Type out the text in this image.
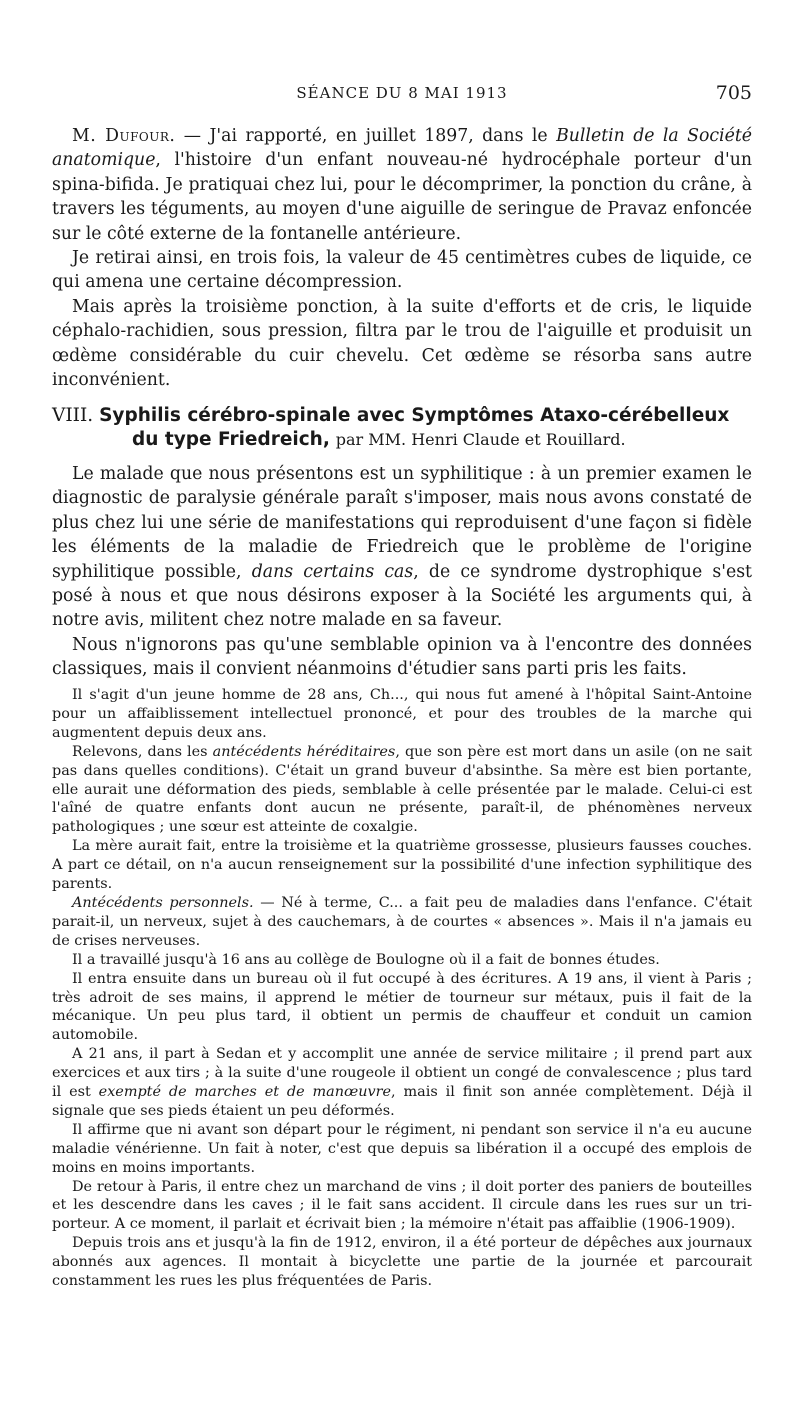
SÉANCE DU 8 MAI 1913	705

M. Dufour. — J'ai rapporté, en juillet 1897, dans le Bulletin de la Société anatomique, l'histoire d'un enfant nouveau-né hydrocéphale porteur d'un spina-bifida. Je pratiquai chez lui, pour le décomprimer, la ponction du crâne, à travers les téguments, au moyen d'une aiguille de seringue de Pravaz enfoncée sur le côté externe de la fontanelle antérieure.

Je retirai ainsi, en trois fois, la valeur de 45 centimètres cubes de liquide, ce qui amena une certaine décompression.

Mais après la troisième ponction, à la suite d'efforts et de cris, le liquide céphalo-rachidien, sous pression, filtra par le trou de l'aiguille et produisit un œdème considérable du cuir chevelu. Cet œdème se résorba sans autre inconvénient.

VIII. Syphilis cérébro-spinale avec Symptômes Ataxo-cérébelleux
du type Friedreich, par MM. Henri Claude et Rouillard.

Le malade que nous présentons est un syphilitique : à un premier examen le diagnostic de paralysie générale paraît s'imposer, mais nous avons constaté de plus chez lui une série de manifestations qui reproduisent d'une façon si fidèle les éléments de la maladie de Friedreich que le problème de l'origine syphilitique possible, dans certains cas, de ce syndrome dystrophique s'est posé à nous et que nous désirons exposer à la Société les arguments qui, à notre avis, militent chez notre malade en sa faveur.

Nous n'ignorons pas qu'une semblable opinion va à l'encontre des données classiques, mais il convient néanmoins d'étudier sans parti pris les faits.

Il s'agit d'un jeune homme de 28 ans, Ch..., qui nous fut amené à l'hôpital Saint-Antoine pour un affaiblissement intellectuel prononcé, et pour des troubles de la marche qui augmentent depuis deux ans.

Relevons, dans les antécédents héréditaires, que son père est mort dans un asile (on ne sait pas dans quelles conditions). C'était un grand buveur d'absinthe. Sa mère est bien portante, elle aurait une déformation des pieds, semblable à celle présentée par le malade. Celui-ci est l'aîné de quatre enfants dont aucun ne présente, paraît-il, de phénomènes nerveux pathologiques ; une sœur est atteinte de coxalgie.

La mère aurait fait, entre la troisième et la quatrième grossesse, plusieurs fausses couches. A part ce détail, on n'a aucun renseignement sur la possibilité d'une infection syphilitique des parents.

Antécédents personnels. — Né à terme, C... a fait peu de maladies dans l'enfance. C'était parait-il, un nerveux, sujet à des cauchemars, à de courtes « absences ». Mais il n'a jamais eu de crises nerveuses.

Il a travaillé jusqu'à 16 ans au collège de Boulogne où il a fait de bonnes études.

Il entra ensuite dans un bureau où il fut occupé à des écritures. A 19 ans, il vient à Paris ; très adroit de ses mains, il apprend le métier de tourneur sur métaux, puis il fait de la mécanique. Un peu plus tard, il obtient un permis de chauffeur et conduit un camion automobile.

A 21 ans, il part à Sedan et y accomplit une année de service militaire ; il prend part aux exercices et aux tirs ; à la suite d'une rougeole il obtient un congé de convalescence ; plus tard il est exempté de marches et de manœuvre, mais il finit son année complètement. Déjà il signale que ses pieds étaient un peu déformés.

Il affirme que ni avant son départ pour le régiment, ni pendant son service il n'a eu aucune maladie vénérienne. Un fait à noter, c'est que depuis sa libération il a occupé des emplois de moins en moins importants.

De retour à Paris, il entre chez un marchand de vins ; il doit porter des paniers de bouteilles et les descendre dans les caves ; il le fait sans accident. Il circule dans les rues sur un tri-porteur. A ce moment, il parlait et écrivait bien ; la mémoire n'était pas affaiblie (1906-1909).

Depuis trois ans et jusqu'à la fin de 1912, environ, il a été porteur de dépêches aux journaux abonnés aux agences. Il montait à bicyclette une partie de la journée et parcourait constamment les rues les plus fréquentées de Paris.
